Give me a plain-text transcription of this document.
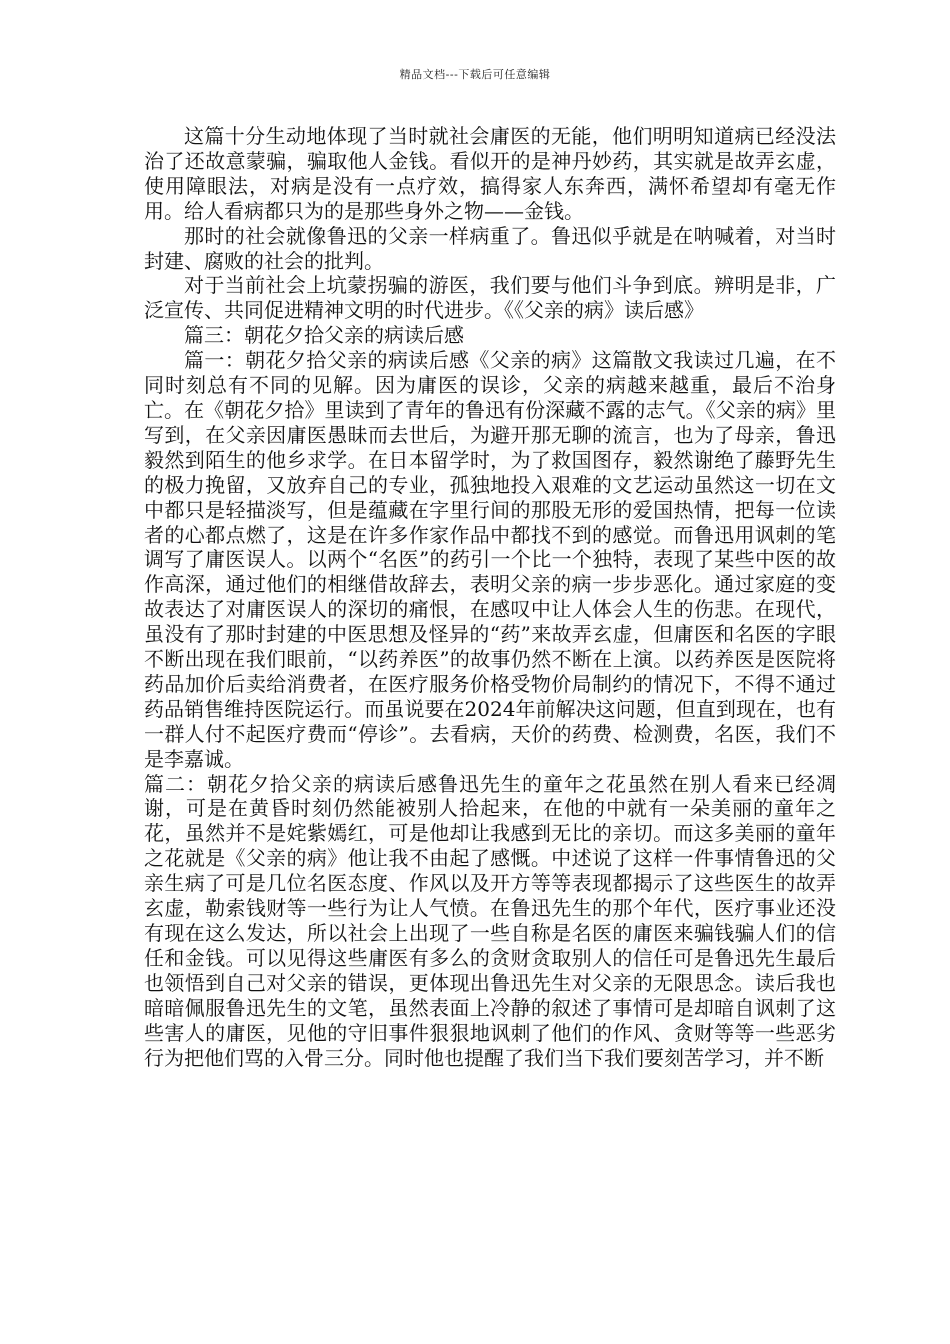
精品文档---下载后可任意编辑

这篇十分生动地体现了当时就社会庸医的无能，他们明明知道病已经没法治了还故意蒙骗，骗取他人金钱。看似开的是神丹妙药，其实就是故弄玄虚，使用障眼法，对病是没有一点疗效，搞得家人东奔西，满怀希望却有毫无作用。给人看病都只为的是那些身外之物——金钱。

那时的社会就像鲁迅的父亲一样病重了。鲁迅似乎就是在呐喊着，对当时封建、腐败的社会的批判。

对于当前社会上坑蒙拐骗的游医，我们要与他们斗争到底。辨明是非，广泛宣传、共同促进精神文明的时代进步。《《父亲的病》读后感》

篇三：朝花夕拾父亲的病读后感

篇一：朝花夕拾父亲的病读后感《父亲的病》这篇散文我读过几遍，在不同时刻总有不同的见解。因为庸医的误诊，父亲的病越来越重，最后不治身亡。在《朝花夕拾》里读到了青年的鲁迅有份深藏不露的志气。《父亲的病》里写到，在父亲因庸医愚昧而去世后，为避开那无聊的流言，也为了母亲，鲁迅毅然到陌生的他乡求学。在日本留学时，为了救国图存，毅然谢绝了藤野先生的极力挽留，又放弃自己的专业，孤独地投入艰难的文艺运动虽然这一切在文中都只是轻描淡写，但是蕴藏在字里行间的那股无形的爱国热情，把每一位读者的心都点燃了，这是在许多作家作品中都找不到的感觉。而鲁迅用讽刺的笔调写了庸医误人。以两个“名医”的药引一个比一个独特，表现了某些中医的故作高深，通过他们的相继借故辞去，表明父亲的病一步步恶化。通过家庭的变故表达了对庸医误人的深切的痛恨，在感叹中让人体会人生的伤悲。在现代，虽没有了那时封建的中医思想及怪异的“药”来故弄玄虚，但庸医和名医的字眼不断出现在我们眼前，“以药养医”的故事仍然不断在上演。以药养医是医院将药品加价后卖给消费者，在医疗服务价格受物价局制约的情况下，不得不通过药品销售维持医院运行。而虽说要在2024年前解决这问题，但直到现在，也有一群人付不起医疗费而“停诊”。去看病，天价的药费、检测费，名医，我们不是李嘉诚。

篇二：朝花夕拾父亲的病读后感鲁迅先生的童年之花虽然在别人看来已经凋谢，可是在黄昏时刻仍然能被别人拾起来，在他的中就有一朵美丽的童年之花，虽然并不是姹紫嫣红，可是他却让我感到无比的亲切。而这多美丽的童年之花就是《父亲的病》他让我不由起了感慨。中述说了这样一件事情鲁迅的父亲生病了可是几位名医态度、作风以及开方等等表现都揭示了这些医生的故弄玄虚，勒索钱财等一些行为让人气愤。在鲁迅先生的那个年代，医疗事业还没有现在这么发达，所以社会上出现了一些自称是名医的庸医来骗钱骗人们的信任和金钱。可以见得这些庸医有多么的贪财贪取别人的信任可是鲁迅先生最后也领悟到自己对父亲的错误，更体现出鲁迅先生对父亲的无限思念。读后我也暗暗佩服鲁迅先生的文笔，虽然表面上冷静的叙述了事情可是却暗自讽刺了这些害人的庸医，见他的守旧事件狠狠地讽刺了他们的作风、贪财等等一些恶劣行为把他们骂的入骨三分。同时他也提醒了我们当下我们要刻苦学习，并不断
